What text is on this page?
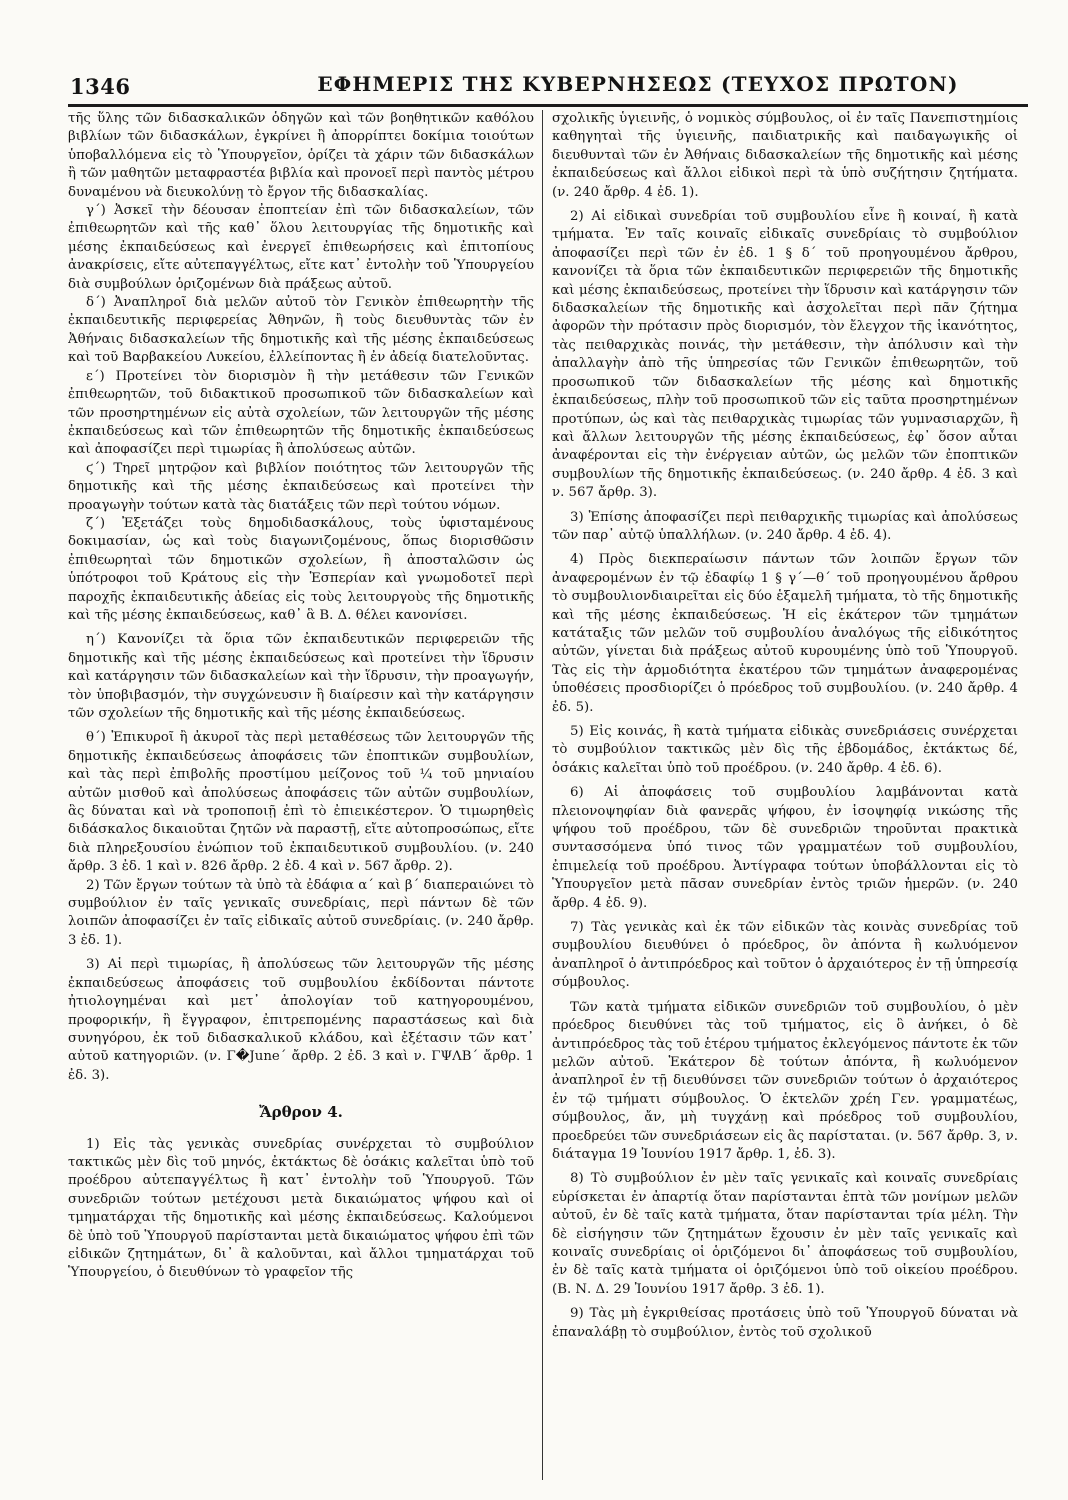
1346	ΕΦΗΜΕΡΙΣ ΤΗΣ ΚΥΒΕΡΝΗΣΕΩΣ (ΤΕΥΧΟΣ ΠΡΩΤΟΝ)

τῆς ὕλης τῶν διδασκαλικῶν ὁδηγῶν καὶ τῶν βοηθητικῶν καθόλου βιβλίων τῶν διδασκάλων, ἐγκρίνει ἢ ἀπορρίπτει δοκίμια τοιούτων ὑποβαλλόμενα εἰς τὸ Ὑπουργεῖον, ὁρίζει τὰ χάριν τῶν διδασκάλων ἢ τῶν μαθητῶν μεταφραστέα βιβλία καὶ προνοεῖ περὶ παντὸς μέτρου δυναμένου νὰ διευκολύνῃ τὸ ἔργον τῆς διδασκαλίας.

γ΄) Ἀσκεῖ τὴν δέουσαν ἐποπτείαν ἐπὶ τῶν διδασκαλείων, τῶν ἐπιθεωρητῶν καὶ τῆς καθ᾽ ὅλου λειτουργίας τῆς δημοτικῆς καὶ μέσης ἐκπαιδεύσεως καὶ ἐνεργεῖ ἐπιθεωρήσεις καὶ ἐπιτοπίους ἀνακρίσεις, εἴτε αὐτεπαγγέλτως, εἴτε κατ᾽ ἐντολὴν τοῦ Ὑπουργείου διὰ συμβούλων ὁριζομένων διὰ πράξεως αὐτοῦ.

δ΄) Ἀναπληροῖ διὰ μελῶν αὐτοῦ τὸν Γενικὸν ἐπιθεωρητὴν τῆς ἐκπαιδευτικῆς περιφερείας Ἀθηνῶν, ἢ τοὺς διευθυντὰς τῶν ἐν Ἀθήναις διδασκαλείων τῆς δημοτικῆς καὶ τῆς μέσης ἐκπαιδεύσεως καὶ τοῦ Βαρβακείου Λυκείου, ἐλλείποντας ἢ ἐν ἀδείᾳ διατελοῦντας.

ε΄) Προτείνει τὸν διορισμὸν ἢ τὴν μετάθεσιν τῶν Γενικῶν ἐπιθεωρητῶν, τοῦ διδακτικοῦ προσωπικοῦ τῶν διδασκαλείων καὶ τῶν προσηρτημένων εἰς αὐτὰ σχολείων, τῶν λειτουργῶν τῆς μέσης ἐκπαιδεύσεως καὶ τῶν ἐπιθεωρητῶν τῆς δημοτικῆς ἐκπαιδεύσεως καὶ ἀποφασίζει περὶ τιμωρίας ἢ ἀπολύσεως αὐτῶν.

ϛ΄) Τηρεῖ μητρῷον καὶ βιβλίον ποιότητος τῶν λειτουργῶν τῆς δημοτικῆς καὶ τῆς μέσης ἐκπαιδεύσεως καὶ προτείνει τὴν προαγωγὴν τούτων κατὰ τὰς διατάξεις τῶν περὶ τούτου νόμων.

ζ΄) Ἐξετάζει τοὺς δημοδιδασκάλους, τοὺς ὑφισταμένους δοκιμασίαν, ὡς καὶ τοὺς διαγωνιζομένους, ὅπως διορισθῶσιν ἐπιθεωρηταὶ τῶν δημοτικῶν σχολείων, ἢ ἀποσταλῶσιν ὡς ὑπότροφοι τοῦ Κράτους εἰς τὴν Ἑσπερίαν καὶ γνωμοδοτεῖ περὶ παροχῆς ἐκπαιδευτικῆς ἀδείας εἰς τοὺς λειτουργοὺς τῆς δημοτικῆς καὶ τῆς μέσης ἐκπαιδεύσεως, καθ᾽ ἃ Β. Δ. θέλει κανονίσει.

η΄) Κανονίζει τὰ ὅρια τῶν ἐκπαιδευτικῶν περιφερειῶν τῆς δημοτικῆς καὶ τῆς μέσης ἐκπαιδεύσεως καὶ προτείνει τὴν ἵδρυσιν καὶ κατάργησιν τῶν διδασκαλείων καὶ τὴν ἵδρυσιν, τὴν προαγωγήν, τὸν ὑποβιβασμόν, τὴν συγχώνευσιν ἢ διαίρεσιν καὶ τὴν κατάργησιν τῶν σχολείων τῆς δημοτικῆς καὶ τῆς μέσης ἐκπαιδεύσεως.

θ΄) Ἐπικυροῖ ἢ ἀκυροῖ τὰς περὶ μεταθέσεως τῶν λειτουργῶν τῆς δημοτικῆς ἐκπαιδεύσεως ἀποφάσεις τῶν ἐποπτικῶν συμβουλίων, καὶ τὰς περὶ ἐπιβολῆς προστίμου μείζονος τοῦ ¼ τοῦ μηνιαίου αὐτῶν μισθοῦ καὶ ἀπολύσεως ἀποφάσεις τῶν αὐτῶν συμβουλίων, ἃς δύναται καὶ νὰ τροποποιῇ ἐπὶ τὸ ἐπιεικέστερον. Ὁ τιμωρηθεὶς διδάσκαλος δικαιοῦται ζητῶν νὰ παραστῇ, εἴτε αὐτοπροσώπως, εἴτε διὰ πληρεξουσίου ἐνώπιον τοῦ ἐκπαιδευτικοῦ συμβουλίου. (ν. 240 ἄρθρ. 3 ἐδ. 1 καὶ ν. 826 ἄρθρ. 2 ἐδ. 4 καὶ ν. 567 ἄρθρ. 2).

2) Τῶν ἔργων τούτων τὰ ὑπὸ τὰ ἐδάφια α΄ καὶ β΄ διαπεραιώνει τὸ συμβούλιον ἐν ταῖς γενικαῖς συνεδρίαις, περὶ πάντων δὲ τῶν λοιπῶν ἀποφασίζει ἐν ταῖς εἰδικαῖς αὐτοῦ συνεδρίαις. (ν. 240 ἄρθρ. 3 ἐδ. 1).

3) Αἱ περὶ τιμωρίας, ἢ ἀπολύσεως τῶν λειτουργῶν τῆς μέσης ἐκπαιδεύσεως ἀποφάσεις τοῦ συμβουλίου ἐκδίδονται πάντοτε ἠτιολογημέναι καὶ μετ᾽ ἀπολογίαν τοῦ κατηγορουμένου, προφορικήν, ἢ ἔγγραφον, ἐπιτρεπομένης παραστάσεως καὶ διὰ συνηγόρου, ἐκ τοῦ διδασκαλικοῦ κλάδου, καὶ ἐξέτασιν τῶν κατ᾽ αὐτοῦ κατηγοριῶν. (ν. Γ�June΄ ἄρθρ. 2 ἐδ. 3 καὶ ν. ΓΨΛΒ΄ ἄρθρ. 1 ἐδ. 3).

Ἄρθρον 4.

1) Εἰς τὰς γενικὰς συνεδρίας συνέρχεται τὸ συμβούλιον τακτικῶς μὲν δὶς τοῦ μηνός, ἐκτάκτως δὲ ὁσάκις καλεῖται ὑπὸ τοῦ προέδρου αὐτεπαγγέλτως ἢ κατ᾽ ἐντολὴν τοῦ Ὑπουργοῦ. Τῶν συνεδριῶν τούτων μετέχουσι μετὰ δικαιώματος ψήφου καὶ οἱ τμηματάρχαι τῆς δημοτικῆς καὶ μέσης ἐκπαιδεύσεως. Καλούμενοι δὲ ὑπὸ τοῦ Ὑπουργοῦ παρίστανται μετὰ δικαιώματος ψήφου ἐπὶ τῶν εἰδικῶν ζητημάτων, δι᾽ ἃ καλοῦνται, καὶ ἄλλοι τμηματάρχαι τοῦ Ὑπουργείου, ὁ διευθύνων τὸ γραφεῖον τῆς

σχολικῆς ὑγιεινῆς, ὁ νομικὸς σύμβουλος, οἱ ἐν ταῖς Πανεπιστημίοις καθηγηταὶ τῆς ὑγιεινῆς, παιδιατρικῆς καὶ παιδαγωγικῆς οἱ διευθυνταὶ τῶν ἐν Ἀθήναις διδασκαλείων τῆς δημοτικῆς καὶ μέσης ἐκπαιδεύσεως καὶ ἄλλοι εἰδικοὶ περὶ τὰ ὑπὸ συζήτησιν ζητήματα. (ν. 240 ἄρθρ. 4 ἐδ. 1).

2) Αἱ εἰδικαὶ συνεδρίαι τοῦ συμβουλίου εἶνε ἢ κοιναί, ἢ κατὰ τμήματα. Ἐν ταῖς κοιναῖς εἰδικαῖς συνεδρίαις τὸ συμβούλιον ἀποφασίζει περὶ τῶν ἐν ἐδ. 1 § δ΄ τοῦ προηγουμένου ἄρθρου, κανονίζει τὰ ὅρια τῶν ἐκπαιδευτικῶν περιφερειῶν τῆς δημοτικῆς καὶ μέσης ἐκπαιδεύσεως, προτείνει τὴν ἵδρυσιν καὶ κατάργησιν τῶν διδασκαλείων τῆς δημοτικῆς καὶ ἀσχολεῖται περὶ πᾶν ζήτημα ἀφορῶν τὴν πρότασιν πρὸς διορισμόν, τὸν ἔλεγχον τῆς ἱκανότητος, τὰς πειθαρχικὰς ποινάς, τὴν μετάθεσιν, τὴν ἀπόλυσιν καὶ τὴν ἀπαλλαγὴν ἀπὸ τῆς ὑπηρεσίας τῶν Γενικῶν ἐπιθεωρητῶν, τοῦ προσωπικοῦ τῶν διδασκαλείων τῆς μέσης καὶ δημοτικῆς ἐκπαιδεύσεως, πλὴν τοῦ προσωπικοῦ τῶν εἰς ταῦτα προσηρτημένων προτύπων, ὡς καὶ τὰς πειθαρχικὰς τιμωρίας τῶν γυμνασιαρχῶν, ἢ καὶ ἄλλων λειτουργῶν τῆς μέσης ἐκπαιδεύσεως, ἐφ᾽ ὅσον αὗται ἀναφέρονται εἰς τὴν ἐνέργειαν αὐτῶν, ὡς μελῶν τῶν ἐποπτικῶν συμβουλίων τῆς δημοτικῆς ἐκπαιδεύσεως. (ν. 240 ἄρθρ. 4 ἐδ. 3 καὶ ν. 567 ἄρθρ. 3).

3) Ἐπίσης ἀποφασίζει περὶ πειθαρχικῆς τιμωρίας καὶ ἀπολύσεως τῶν παρ᾽ αὐτῷ ὑπαλλήλων. (ν. 240 ἄρθρ. 4 ἐδ. 4).

4) Πρὸς διεκπεραίωσιν πάντων τῶν λοιπῶν ἔργων τῶν ἀναφερομένων ἐν τῷ ἐδαφίῳ 1 § γ΄—θ΄ τοῦ προηγουμένου ἄρθρου τὸ συμβουλιονδιαιρεῖται εἰς δύο ἑξαμελῆ τμήματα, τὸ τῆς δημοτικῆς καὶ τῆς μέσης ἐκπαιδεύσεως. Ἡ εἰς ἑκάτερον τῶν τμημάτων κατάταξις τῶν μελῶν τοῦ συμβουλίου ἀναλόγως τῆς εἰδικότητος αὐτῶν, γίνεται διὰ πράξεως αὐτοῦ κυρουμένης ὑπὸ τοῦ Ὑπουργοῦ. Τὰς εἰς τὴν ἁρμοδιότητα ἑκατέρου τῶν τμημάτων ἀναφερομένας ὑποθέσεις προσδιορίζει ὁ πρόεδρος τοῦ συμβουλίου. (ν. 240 ἄρθρ. 4 ἐδ. 5).

5) Εἰς κοινάς, ἢ κατὰ τμήματα εἰδικὰς συνεδριάσεις συνέρχεται τὸ συμβούλιον τακτικῶς μὲν δὶς τῆς ἑβδομάδος, ἐκτάκτως δέ, ὁσάκις καλεῖται ὑπὸ τοῦ προέδρου. (ν. 240 ἄρθρ. 4 ἐδ. 6).

6) Αἱ ἀποφάσεις τοῦ συμβουλίου λαμβάνονται κατὰ πλειονοψηφίαν διὰ φανερᾶς ψήφου, ἐν ἰσοψηφίᾳ νικώσης τῆς ψήφου τοῦ προέδρου, τῶν δὲ συνεδριῶν τηροῦνται πρακτικὰ συντασσόμενα ὑπό τινος τῶν γραμματέων τοῦ συμβουλίου, ἐπιμελείᾳ τοῦ προέδρου. Ἀντίγραφα τούτων ὑποβάλλονται εἰς τὸ Ὑπουργεῖον μετὰ πᾶσαν συνεδρίαν ἐντὸς τριῶν ἡμερῶν. (ν. 240 ἄρθρ. 4 ἐδ. 9).

7) Τὰς γενικὰς καὶ ἐκ τῶν εἰδικῶν τὰς κοινὰς συνεδρίας τοῦ συμβουλίου διευθύνει ὁ πρόεδρος, ὃν ἀπόντα ἢ κωλυόμενον ἀναπληροῖ ὁ ἀντιπρόεδρος καὶ τοῦτον ὁ ἀρχαιότερος ἐν τῇ ὑπηρεσίᾳ σύμβουλος.

Τῶν κατὰ τμήματα εἰδικῶν συνεδριῶν τοῦ συμβουλίου, ὁ μὲν πρόεδρος διευθύνει τὰς τοῦ τμήματος, εἰς ὃ ἀνήκει, ὁ δὲ ἀντιπρόεδρος τὰς τοῦ ἑτέρου τμήματος ἐκλεγόμενος πάντοτε ἐκ τῶν μελῶν αὐτοῦ. Ἑκάτερον δὲ τούτων ἀπόντα, ἢ κωλυόμενον ἀναπληροῖ ἐν τῇ διευθύνσει τῶν συνεδριῶν τούτων ὁ ἀρχαιότερος ἐν τῷ τμήματι σύμβουλος. Ὁ ἐκτελῶν χρέη Γεν. γραμματέως, σύμβουλος, ἄν, μὴ τυγχάνῃ καὶ πρόεδρος τοῦ συμβουλίου, προεδρεύει τῶν συνεδριάσεων εἰς ἃς παρίσταται. (ν. 567 ἄρθρ. 3, ν. διάταγμα 19 Ἰουνίου 1917 ἄρθρ. 1, ἐδ. 3).

8) Τὸ συμβούλιον ἐν μὲν ταῖς γενικαῖς καὶ κοιναῖς συνεδρίαις εὑρίσκεται ἐν ἀπαρτίᾳ ὅταν παρίστανται ἑπτὰ τῶν μονίμων μελῶν αὐτοῦ, ἐν δὲ ταῖς κατὰ τμήματα, ὅταν παρίστανται τρία μέλη. Τὴν δὲ εἰσήγησιν τῶν ζητημάτων ἔχουσιν ἐν μὲν ταῖς γενικαῖς καὶ κοιναῖς συνεδρίαις οἱ ὁριζόμενοι δι᾽ ἀποφάσεως τοῦ συμβουλίου, ἐν δὲ ταῖς κατὰ τμήματα οἱ ὁριζόμενοι ὑπὸ τοῦ οἰκείου προέδρου. (Β. Ν. Δ. 29 Ἰουνίου 1917 ἄρθρ. 3 ἐδ. 1).

9) Τὰς μὴ ἐγκριθείσας προτάσεις ὑπὸ τοῦ Ὑπουργοῦ δύναται νὰ ἐπαναλάβῃ τὸ συμβούλιον, ἐντὸς τοῦ σχολικοῦ
